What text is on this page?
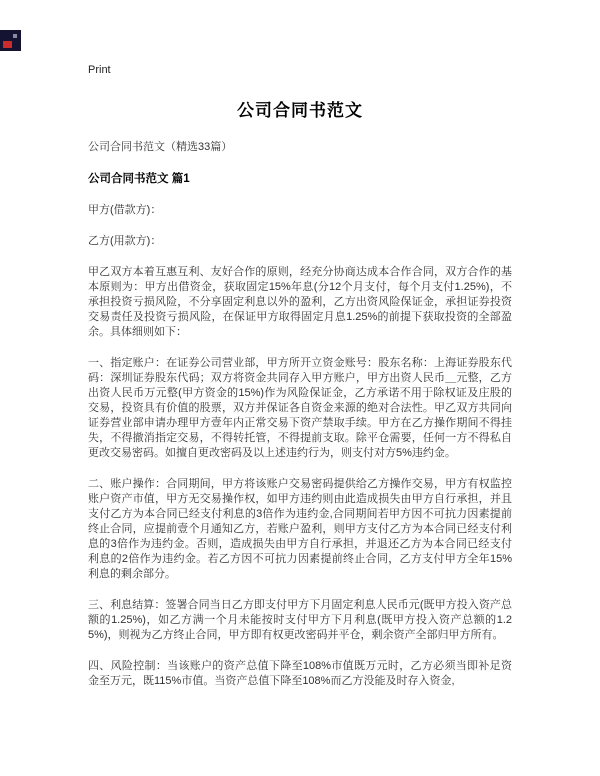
Print
公司合同书范文

公司合同书范文（精选33篇）

公司合同书范文 篇1

甲方(借款方)：

乙方(用款方)：

甲乙双方本着互惠互利、友好合作的原则，经充分协商达成本合作合同，双方合作的基本原则为：甲方出借资金，获取固定15%年息(分12个月支付，每个月支付1.25%)，不承担投资亏损风险，不分享固定利息以外的盈利，乙方出资风险保证金，承担证券投资交易责任及投资亏损风险，在保证甲方取得固定月息1.25%的前提下获取投资的全部盈余。具体细则如下：

一、指定账户：在证券公司营业部，甲方所开立资金账号：股东名称：上海证券股东代码：深圳证券股东代码；双方将资金共同存入甲方账户，甲方出资人民币＿元整，乙方出资人民币万元整(甲方资金的15%)作为风险保证金，乙方承诺不用于除权证及庄股的交易，投资具有价值的股票，双方并保证各自资金来源的绝对合法性。甲乙双方共同向证券营业部申请办理甲方壹年内正常交易下资产禁取手续。甲方在乙方操作期间不得挂失，不得撤消指定交易，不得转托管，不得提前支取。除平仓需要，任何一方不得私自更改交易密码。如擅自更改密码及以上述违约行为，则支付对方5%违约金。

二、账户操作：合同期间，甲方将该账户交易密码提供给乙方操作交易，甲方有权监控账户资产市值，甲方无交易操作权，如甲方违约则由此造成损失由甲方自行承担，并且支付乙方为本合同已经支付利息的3倍作为违约金,合同期间若甲方因不可抗力因素提前终止合同，应提前壹个月通知乙方，若账户盈利，则甲方支付乙方为本合同已经支付利息的3倍作为违约金。否则，造成损失由甲方自行承担，并退还乙方为本合同已经支付利息的2倍作为违约金。若乙方因不可抗力因素提前终止合同，乙方支付甲方全年15%利息的剩余部分。

三、利息结算：签署合同当日乙方即支付甲方下月固定利息人民币元(既甲方投入资产总额的1.25%)，如乙方满一个月未能按时支付甲方下月利息(既甲方投入资产总额的1.25%)，则视为乙方终止合同，甲方即有权更改密码并平仓，剩余资产全部归甲方所有。

四、风险控制：当该账户的资产总值下降至108%市值既万元时，乙方必须当即补足资金至万元，既115%市值。当资产总值下降至108%而乙方没能及时存入资金,
